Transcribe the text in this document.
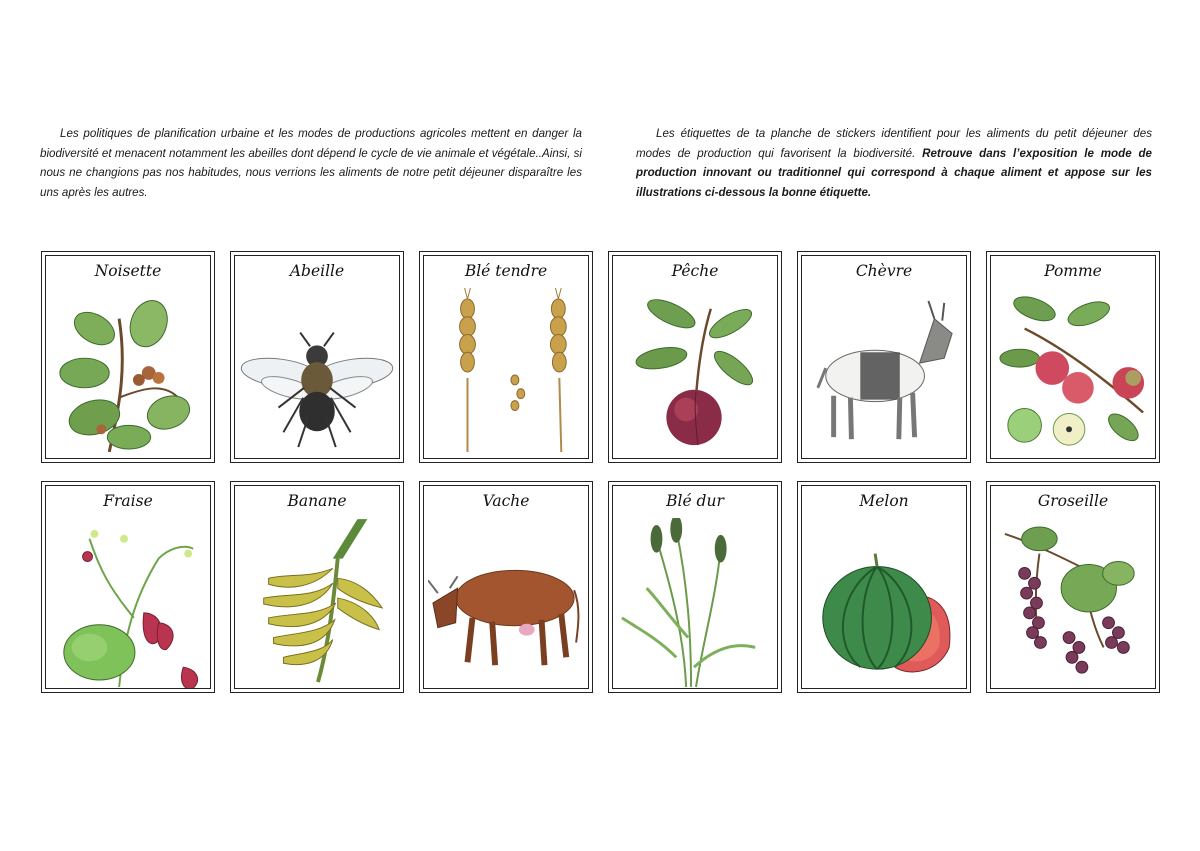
Les politiques de planification urbaine et les modes de productions agricoles mettent en danger la biodiversité et menacent notamment les abeilles dont dépend le cycle de vie animale et végétale..Ainsi, si nous ne changions pas nos habitudes, nous verrions les aliments de notre petit déjeuner disparaître les uns après les autres.

Les étiquettes de ta planche de stickers identifient pour les aliments du petit déjeuner des modes de production qui favorisent la biodiversité. Retrouve dans l’exposition le mode de production innovant ou traditionnel qui correspond à chaque aliment et appose sur les illustrations ci-dessous la bonne étiquette.

Noisette	Abeille	Blé tendre	Pêche	Chèvre	Pomme
Fraise	Banane	Vache	Blé dur	Melon	Groseille
